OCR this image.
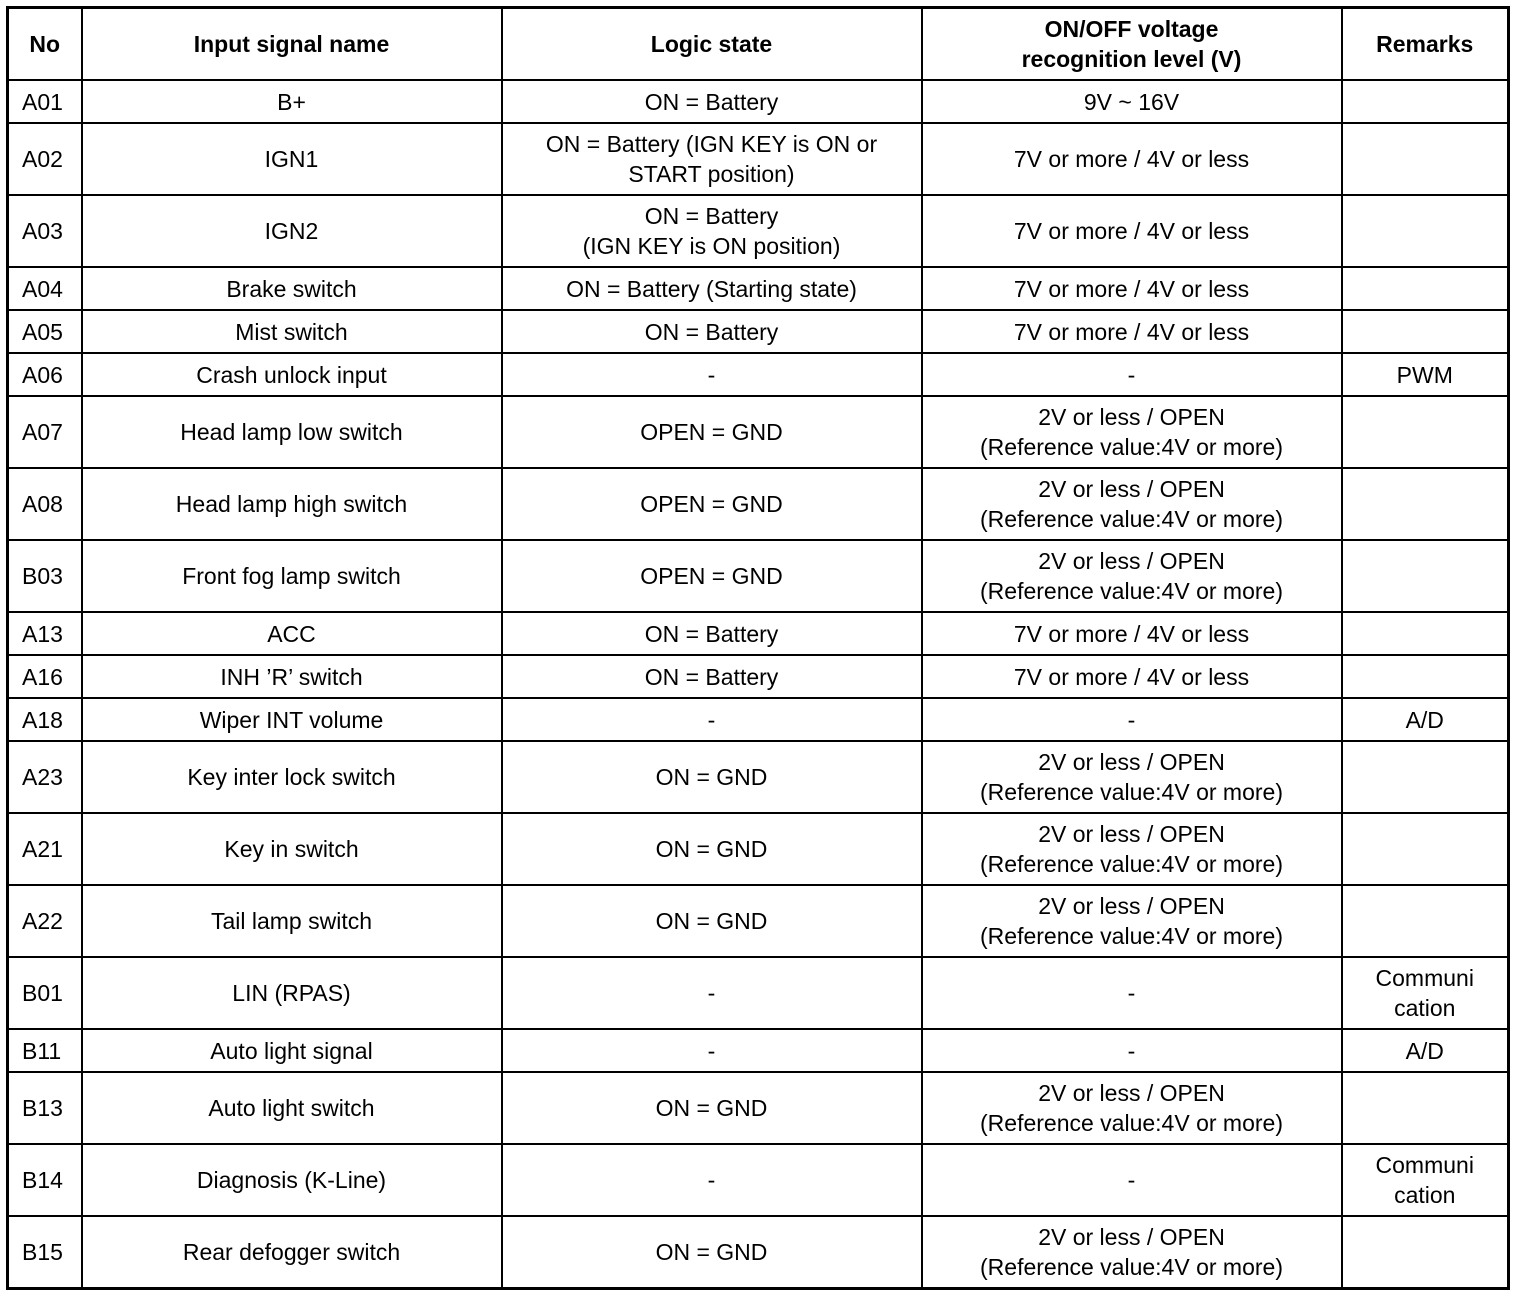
No	Input signal name	Logic state	ON/OFF voltage
recognition level (V)	Remarks
A01	B+	ON = Battery	9V ~ 16V	
A02	IGN1	ON = Battery (IGN KEY is ON or
START position)	7V or more / 4V or less	
A03	IGN2	ON = Battery
(IGN KEY is ON position)	7V or more / 4V or less	
A04	Brake switch	ON = Battery (Starting state)	7V or more / 4V or less	
A05	Mist switch	ON = Battery	7V or more / 4V or less	
A06	Crash unlock input	-	-	PWM
A07	Head lamp low switch	OPEN = GND	2V or less / OPEN
(Reference value:4V or more)	
A08	Head lamp high switch	OPEN = GND	2V or less / OPEN
(Reference value:4V or more)	
B03	Front fog lamp switch	OPEN = GND	2V or less / OPEN
(Reference value:4V or more)	
A13	ACC	ON = Battery	7V or more / 4V or less	
A16	INH ’R’ switch	ON = Battery	7V or more / 4V or less	
A18	Wiper INT volume	-	-	A/D
A23	Key inter lock switch	ON = GND	2V or less / OPEN
(Reference value:4V or more)	
A21	Key in switch	ON = GND	2V or less / OPEN
(Reference value:4V or more)	
A22	Tail lamp switch	ON = GND	2V or less / OPEN
(Reference value:4V or more)	
B01	LIN (RPAS)	-	-	Communi
cation
B11	Auto light signal	-	-	A/D
B13	Auto light switch	ON = GND	2V or less / OPEN
(Reference value:4V or more)	
B14	Diagnosis (K-Line)	-	-	Communi
cation
B15	Rear defogger switch	ON = GND	2V or less / OPEN
(Reference value:4V or more)	
